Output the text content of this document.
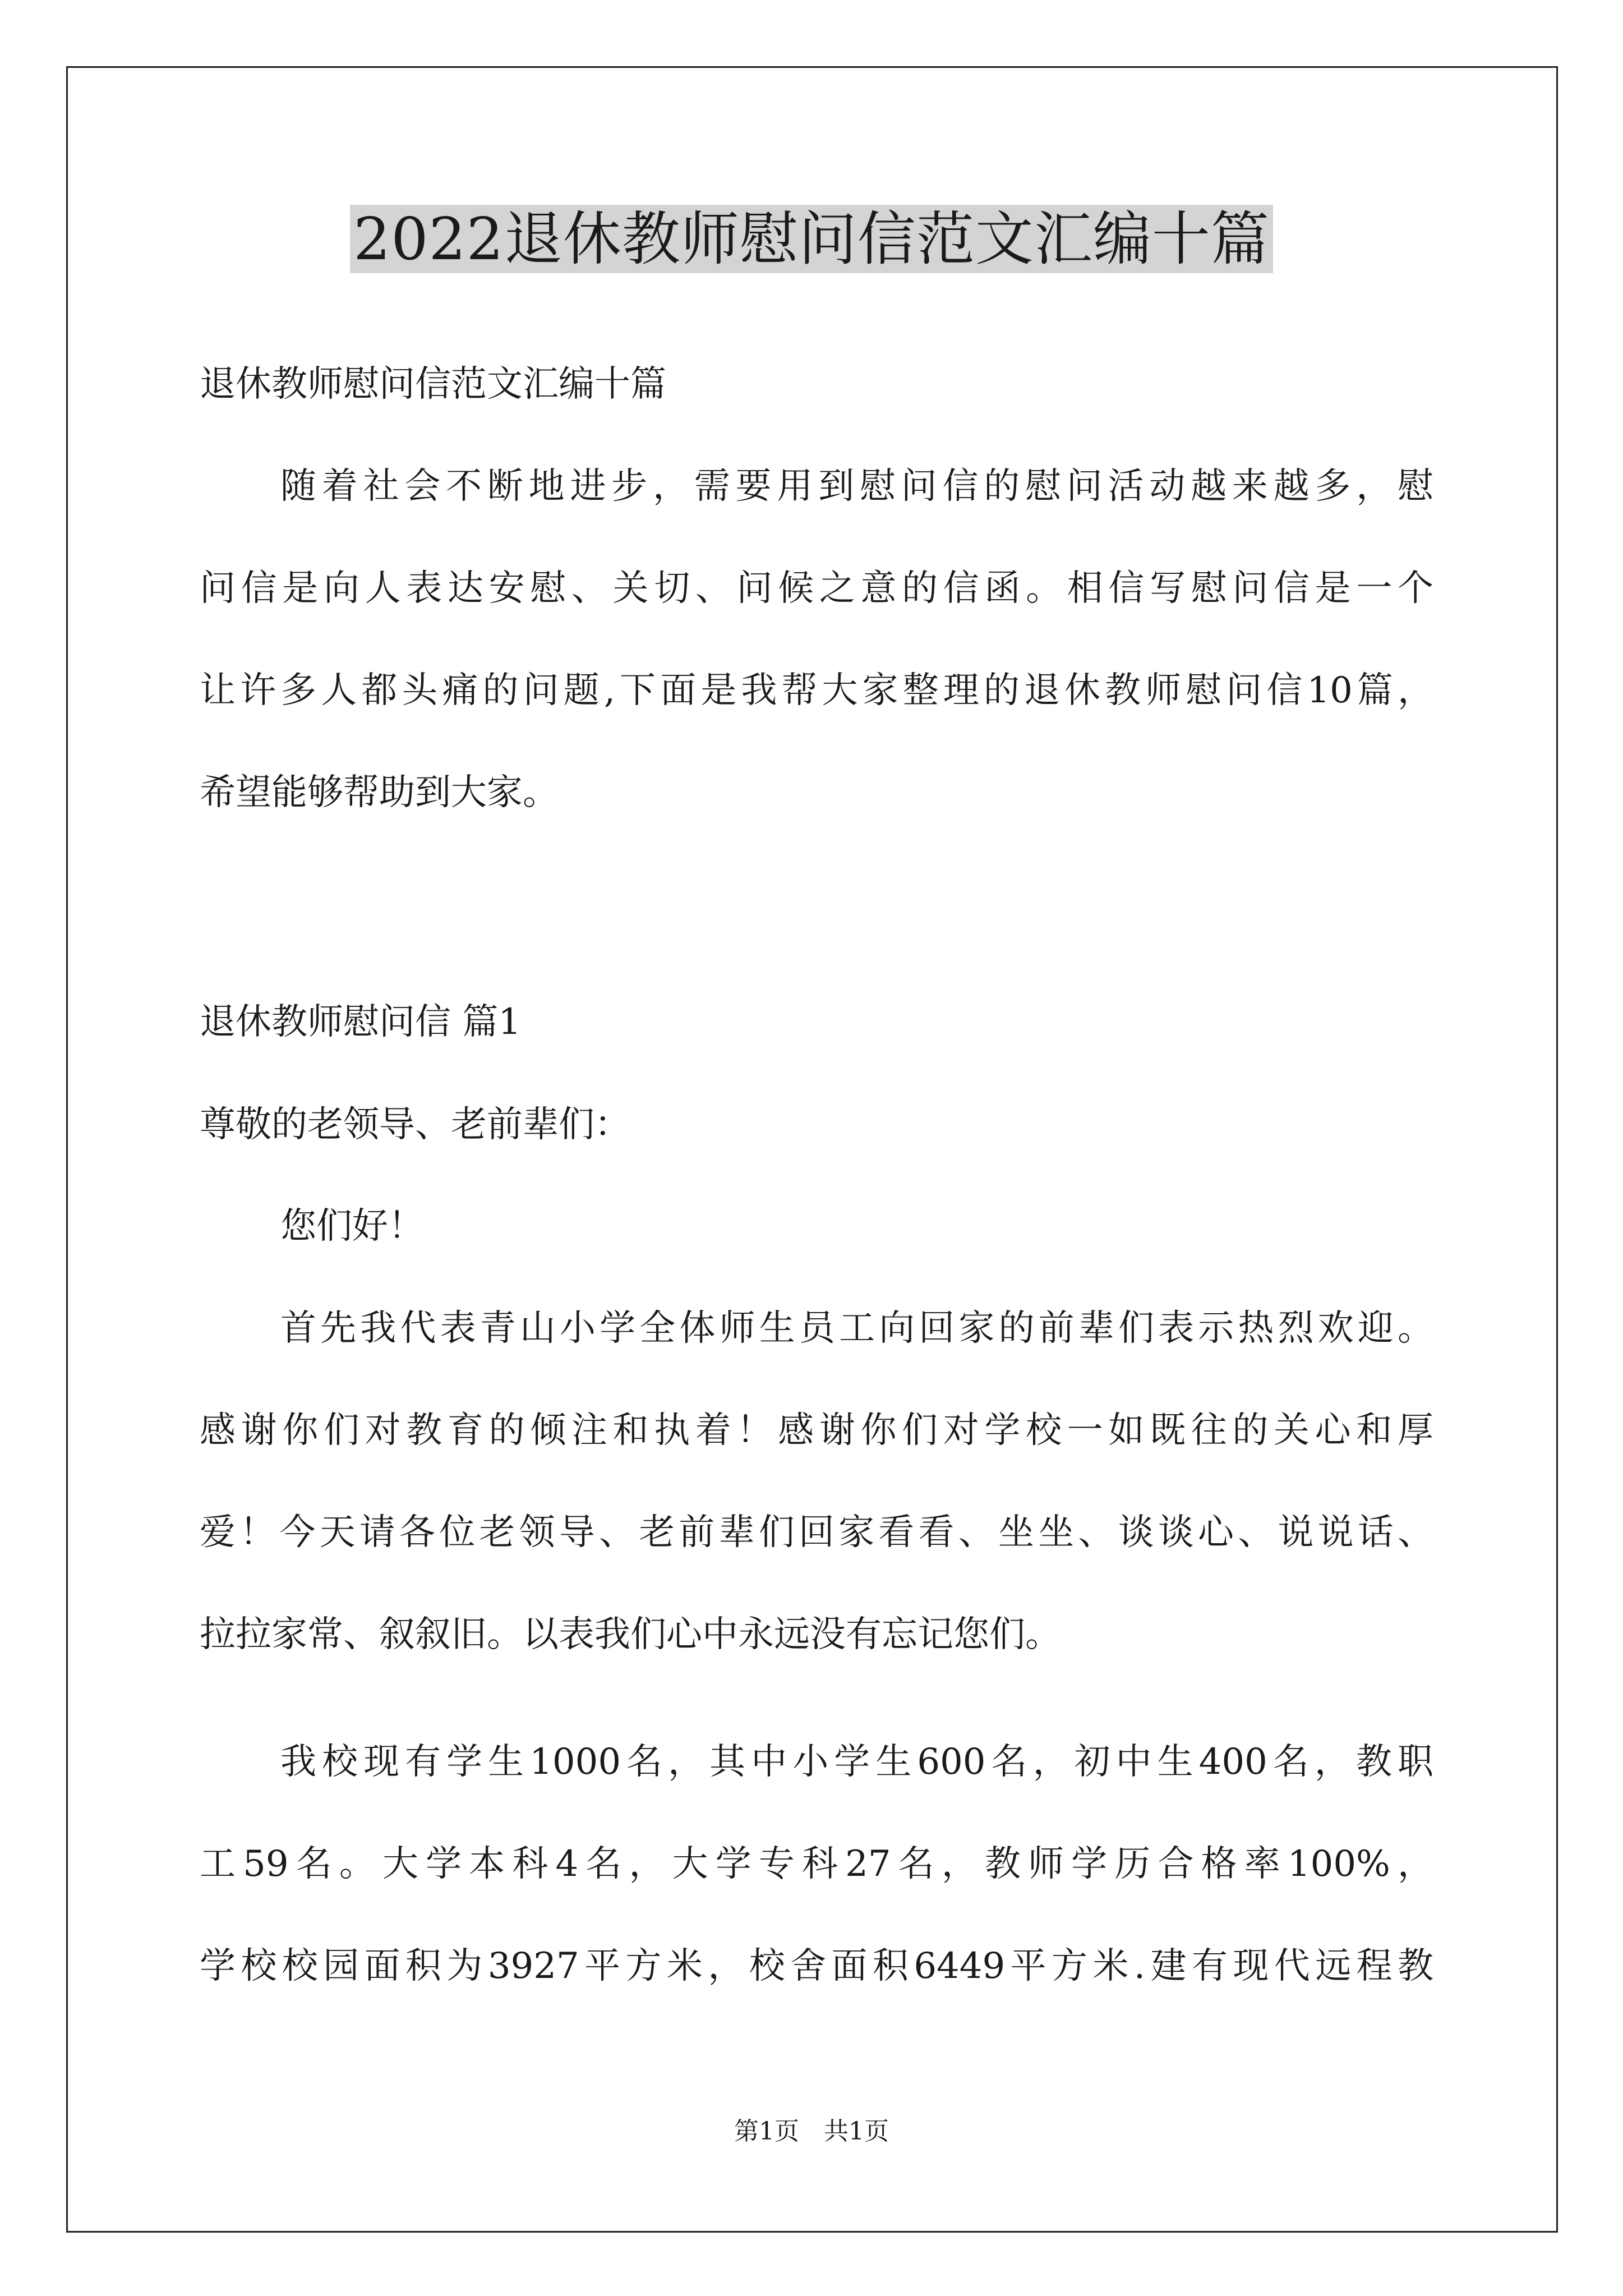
2022退休教师慰问信范文汇编十篇
退休教师慰问信范文汇编十篇
随着社会不断地进步，需要用到慰问信的慰问活动越来越多，慰
问信是向人表达安慰、关切、问候之意的信函。相信写慰问信是一个
让许多人都头痛的问题,下面是我帮大家整理的退休教师慰问信10篇，
希望能够帮助到大家。
退休教师慰问信 篇1
尊敬的老领导、老前辈们：
您们好！
首先我代表青山小学全体师生员工向回家的前辈们表示热烈欢迎。
感谢你们对教育的倾注和执着！感谢你们对学校一如既往的关心和厚
爱！今天请各位老领导、老前辈们回家看看、坐坐、谈谈心、说说话、
拉拉家常、叙叙旧。以表我们心中永远没有忘记您们。
我校现有学生1000名，其中小学生600名，初中生400名，教职
工59名。大学本科4名，大学专科27名，教师学历合格率100%，
学校校园面积为3927平方米，校舍面积6449平方米.建有现代远程教
第1页　共1页
